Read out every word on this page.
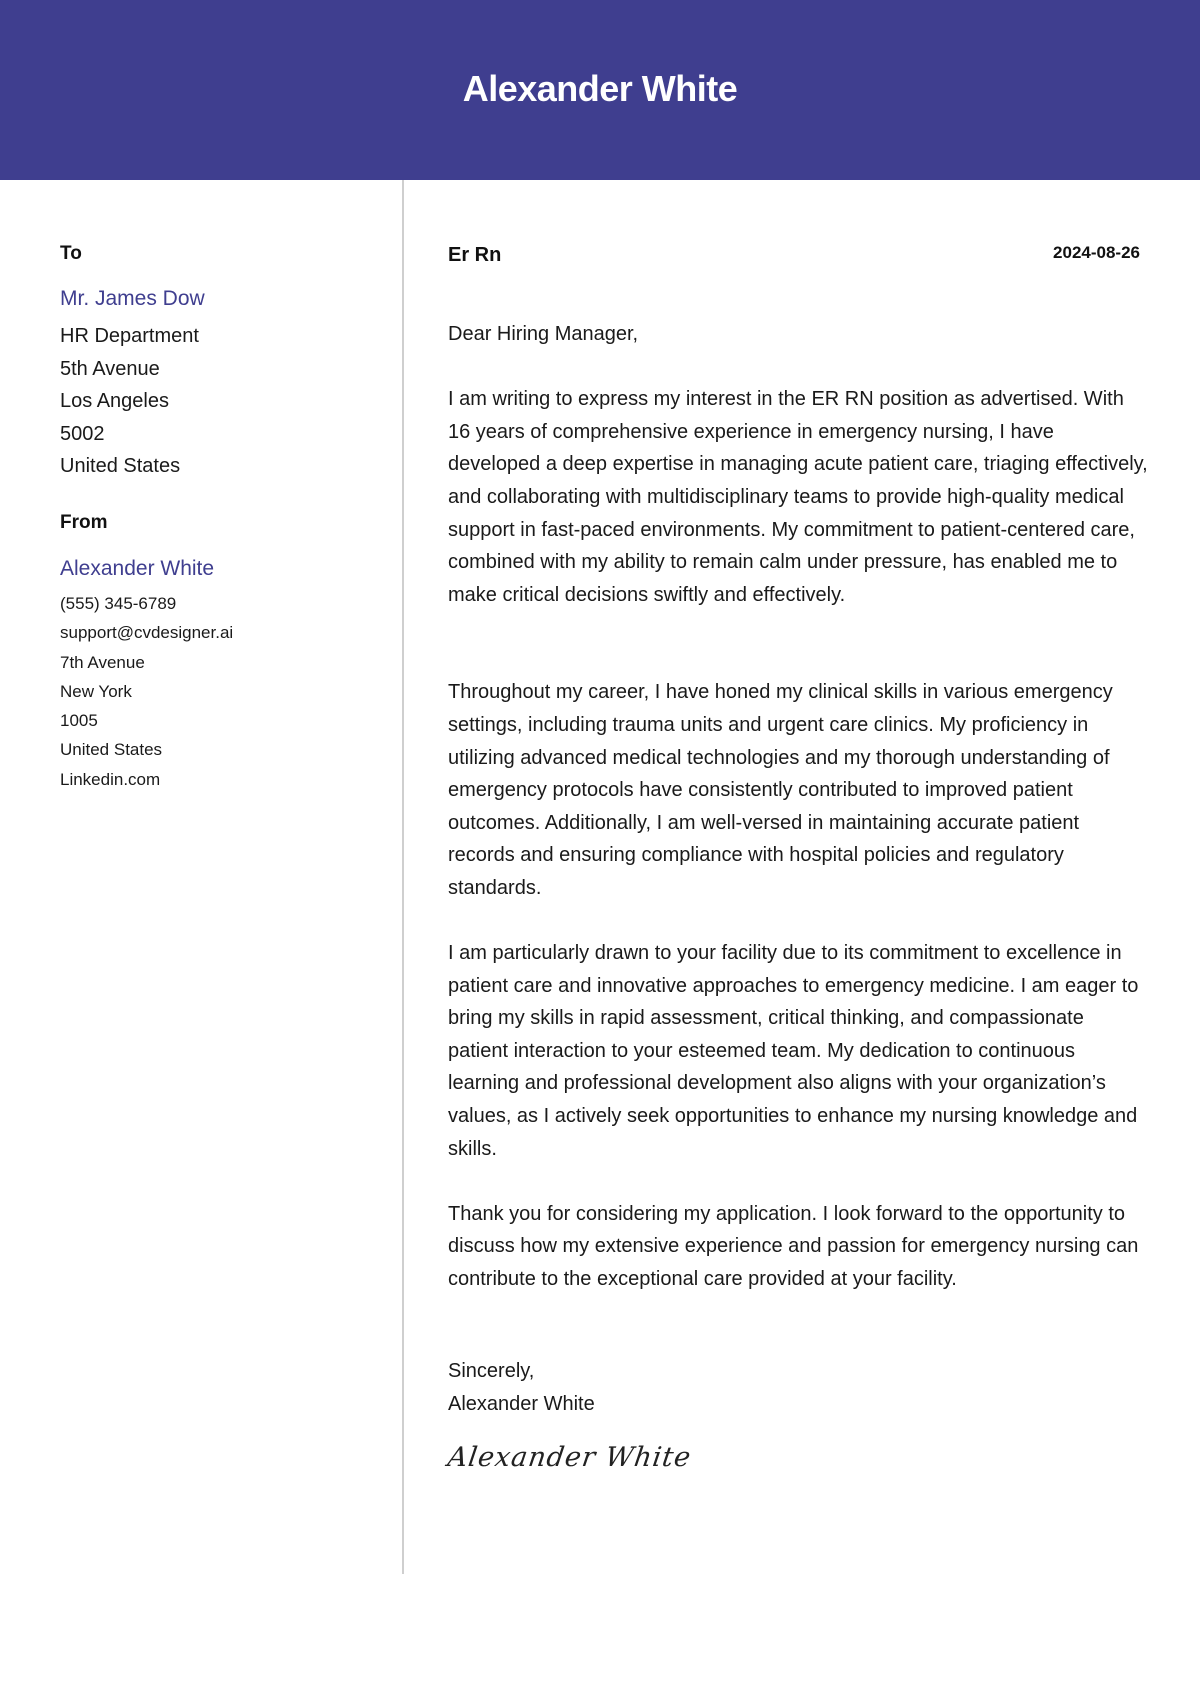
Alexander White
To
Mr. James Dow
HR Department
5th Avenue
Los Angeles
5002
United States
From
Alexander White
(555) 345-6789
support@cvdesigner.ai
7th Avenue
New York
1005
United States
Linkedin.com
Er Rn	2024-08-26

Dear Hiring Manager,

I am writing to express my interest in the ER RN position as advertised. With 16 years of comprehensive experience in emergency nursing, I have developed a deep expertise in managing acute patient care, triaging effectively, and collaborating with multidisciplinary teams to provide high-quality medical support in fast-paced environments. My commitment to patient-centered care, combined with my ability to remain calm under pressure, has enabled me to make critical decisions swiftly and effectively.

Throughout my career, I have honed my clinical skills in various emergency settings, including trauma units and urgent care clinics. My proficiency in utilizing advanced medical technologies and my thorough understanding of emergency protocols have consistently contributed to improved patient outcomes. Additionally, I am well-versed in maintaining accurate patient records and ensuring compliance with hospital policies and regulatory standards.

I am particularly drawn to your facility due to its commitment to excellence in patient care and innovative approaches to emergency medicine. I am eager to bring my skills in rapid assessment, critical thinking, and compassionate patient interaction to your esteemed team. My dedication to continuous learning and professional development also aligns with your organization’s values, as I actively seek opportunities to enhance my nursing knowledge and skills.

Thank you for considering my application. I look forward to the opportunity to discuss how my extensive experience and passion for emergency nursing can contribute to the exceptional care provided at your facility.

Sincerely,
Alexander White
Alexander White
